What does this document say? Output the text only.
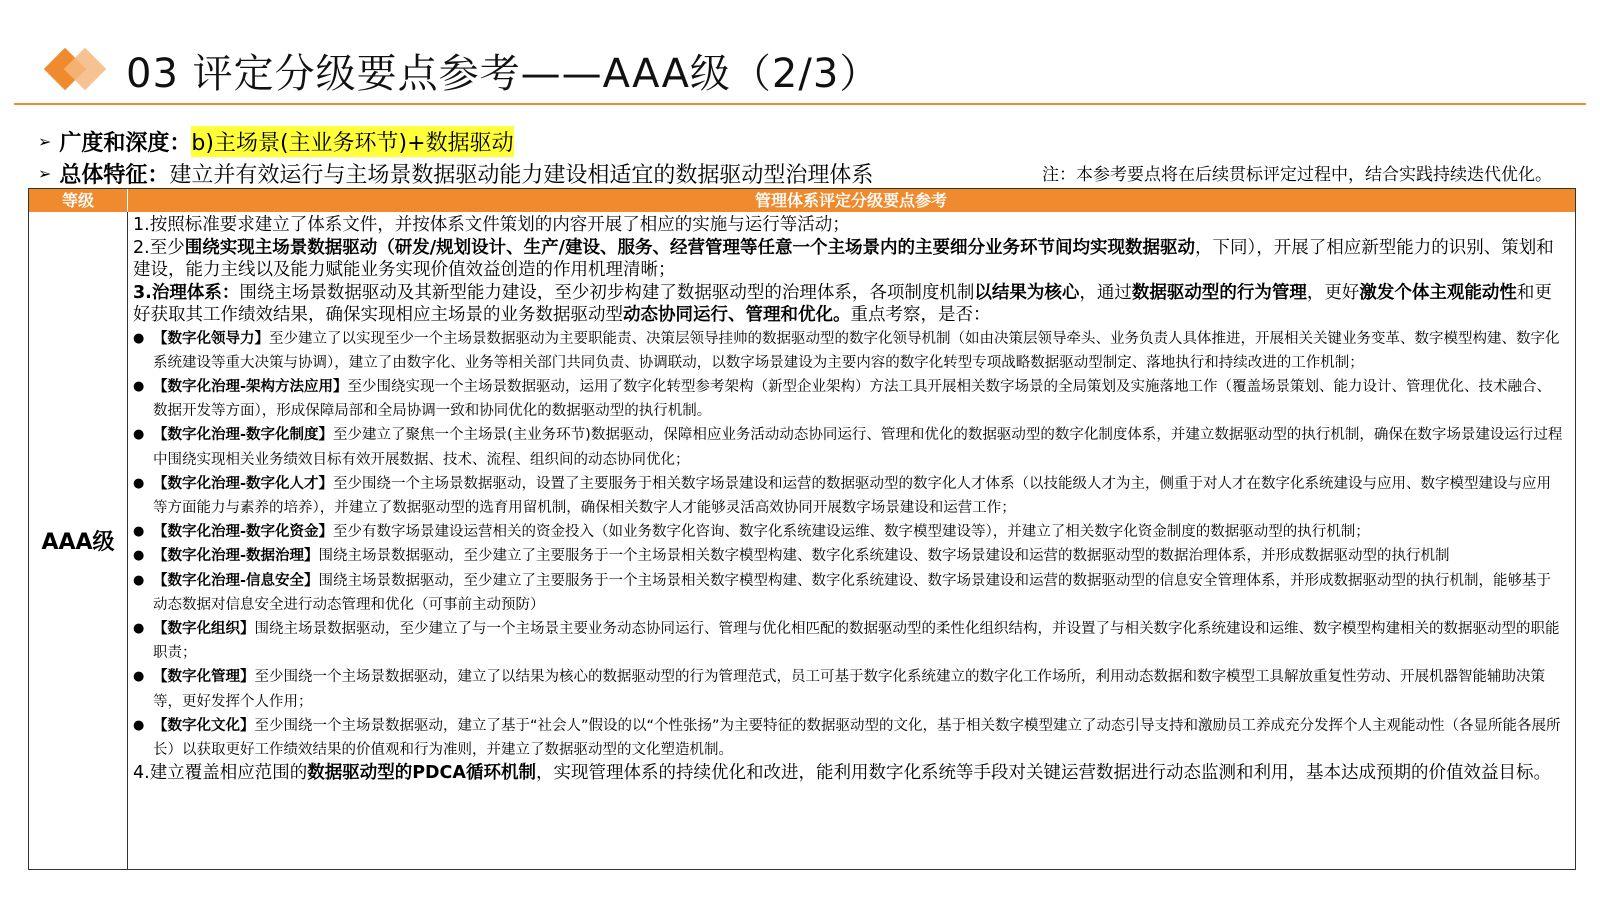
03 评定分级要点参考——AAA级（2/3）
➢ 广度和深度： b)主场景(主业务环节)+数据驱动
➢ 总体特征： 建立并有效运行与主场景数据驱动能力建设相适宜的数据驱动型治理体系	注：本参考要点将在后续贯标评定过程中，结合实践持续迭代优化。
等级	管理体系评定分级要点参考
AAA级
1.按照标准要求建立了体系文件，并按体系文件策划的内容开展了相应的实施与运行等活动；
2.至少围绕实现主场景数据驱动（研发/规划设计、生产/建设、服务、经营管理等任意一个主场景内的主要细分业务环节间均实现数据驱动，下同），开展了相应新型能力的识别、策划和建设，能力主线以及能力赋能业务实现价值效益创造的作用机理清晰；
3.治理体系：围绕主场景数据驱动及其新型能力建设，至少初步构建了数据驱动型的治理体系，各项制度机制以结果为核心，通过数据驱动型的行为管理，更好激发个体主观能动性和更好获取其工作绩效结果，确保实现相应主场景的业务数据驱动型动态协同运行、管理和优化。重点考察，是否：
● 【数字化领导力】至少建立了以实现至少一个主场景数据驱动为主要职能责、决策层领导挂帅的数据驱动型的数字化领导机制（如由决策层领导牵头、业务负责人具体推进，开展相关关键业务变革、数字模型构建、数字化系统建设等重大决策与协调），建立了由数字化、业务等相关部门共同负责、协调联动，以数字场景建设为主要内容的数字化转型专项战略数据驱动型制定、落地执行和持续改进的工作机制；
● 【数字化治理-架构方法应用】至少围绕实现一个主场景数据驱动，运用了数字化转型参考架构（新型企业架构）方法工具开展相关数字场景的全局策划及实施落地工作（覆盖场景策划、能力设计、管理优化、技术融合、数据开发等方面），形成保障局部和全局协调一致和协同优化的数据驱动型的执行机制。
● 【数字化治理-数字化制度】至少建立了聚焦一个主场景(主业务环节)数据驱动，保障相应业务活动动态协同运行、管理和优化的数据驱动型的数字化制度体系，并建立数据驱动型的执行机制，确保在数字场景建设运行过程中围绕实现相关业务绩效目标有效开展数据、技术、流程、组织间的动态协同优化；
● 【数字化治理-数字化人才】至少围绕一个主场景数据驱动，设置了主要服务于相关数字场景建设和运营的数据驱动型的数字化人才体系（以技能级人才为主，侧重于对人才在数字化系统建设与应用、数字模型建设与应用等方面能力与素养的培养），并建立了数据驱动型的选育用留机制，确保相关数字人才能够灵活高效协同开展数字场景建设和运营工作；
● 【数字化治理-数字化资金】至少有数字场景建设运营相关的资金投入（如业务数字化咨询、数字化系统建设运维、数字模型建设等），并建立了相关数字化资金制度的数据驱动型的执行机制；
● 【数字化治理-数据治理】围绕主场景数据驱动，至少建立了主要服务于一个主场景相关数字模型构建、数字化系统建设、数字场景建设和运营的数据驱动型的数据治理体系，并形成数据驱动型的执行机制
● 【数字化治理-信息安全】围绕主场景数据驱动，至少建立了主要服务于一个主场景相关数字模型构建、数字化系统建设、数字场景建设和运营的数据驱动型的信息安全管理体系，并形成数据驱动型的执行机制，能够基于动态数据对信息安全进行动态管理和优化（可事前主动预防）
● 【数字化组织】围绕主场景数据驱动，至少建立了与一个主场景主要业务动态协同运行、管理与优化相匹配的数据驱动型的柔性化组织结构，并设置了与相关数字化系统建设和运维、数字模型构建相关的数据驱动型的职能职责；
● 【数字化管理】至少围绕一个主场景数据驱动，建立了以结果为核心的数据驱动型的行为管理范式，员工可基于数字化系统建立的数字化工作场所，利用动态数据和数字模型工具解放重复性劳动、开展机器智能辅助决策等，更好发挥个人作用；
● 【数字化文化】至少围绕一个主场景数据驱动，建立了基于“社会人”假设的以“个性张扬”为主要特征的数据驱动型的文化，基于相关数字模型建立了动态引导支持和激励员工养成充分发挥个人主观能动性（各显所能各展所长）以获取更好工作绩效结果的价值观和行为准则，并建立了数据驱动型的文化塑造机制。
4.建立覆盖相应范围的数据驱动型的PDCA循环机制，实现管理体系的持续优化和改进，能利用数字化系统等手段对关键运营数据进行动态监测和利用，基本达成预期的价值效益目标。
